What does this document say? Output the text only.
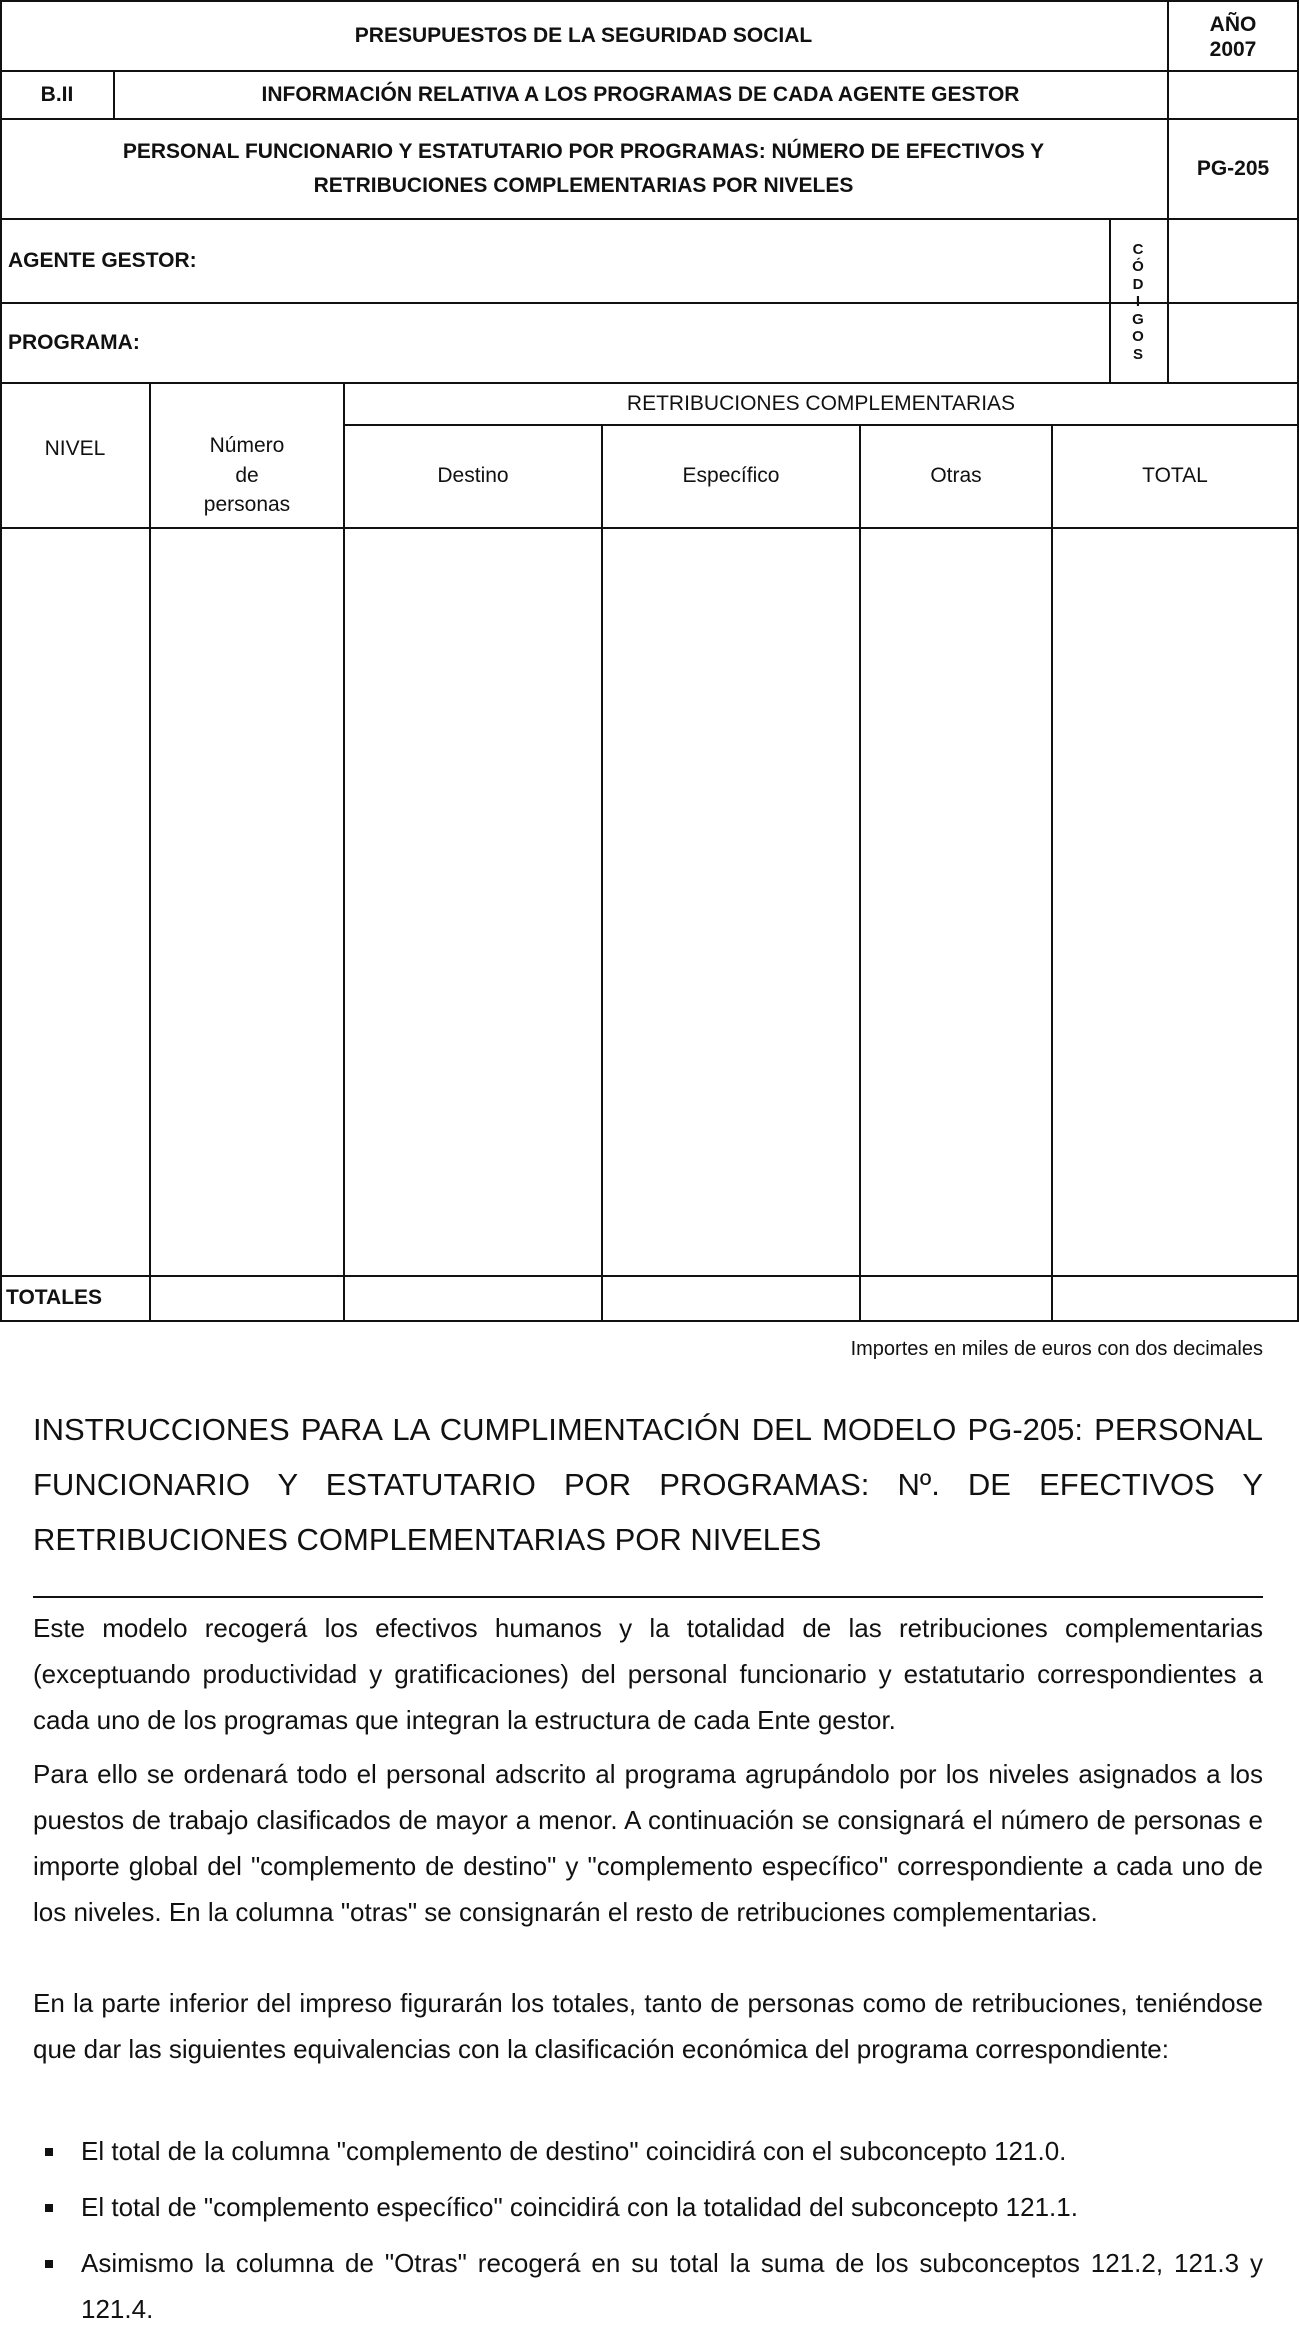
PRESUPUESTOS DE LA SEGURIDAD SOCIAL	AÑO
2007
B.II	INFORMACIÓN RELATIVA A LOS PROGRAMAS DE CADA AGENTE GESTOR
PERSONAL FUNCIONARIO Y ESTATUTARIO POR PROGRAMAS: NÚMERO DE EFECTIVOS Y
RETRIBUCIONES COMPLEMENTARIAS POR NIVELES
PG-205
AGENTE GESTOR:
PROGRAMA:
C
Ó
D
I
G
O
S
RETRIBUCIONES COMPLEMENTARIAS
NIVEL	Número
de
personas
Destino	Específico	Otras	TOTAL
TOTALES
Importes en miles de euros con dos decimales
INSTRUCCIONES PARA LA CUMPLIMENTACIÓN DEL MODELO PG-205: PERSONAL FUNCIONARIO Y ESTATUTARIO POR PROGRAMAS: Nº. DE EFECTIVOS Y RETRIBUCIONES COMPLEMENTARIAS POR NIVELES
Este modelo recogerá los efectivos humanos y la totalidad de las retribuciones complementarias (exceptuando productividad y gratificaciones) del personal funcionario y estatutario correspondientes a cada uno de los programas que integran la estructura de cada Ente gestor.
Para ello se ordenará todo el personal adscrito al programa agrupándolo por los niveles asignados a los puestos de trabajo clasificados de mayor a menor. A continuación se consignará el número de personas e importe global del "complemento de destino" y "complemento específico" correspondiente a cada uno de los niveles. En la columna "otras" se consignarán el resto de retribuciones complementarias.
En la parte inferior del impreso figurarán los totales, tanto de personas como de retribuciones, teniéndose que dar las siguientes equivalencias con la clasificación económica del programa correspondiente:
El total de la columna "complemento de destino" coincidirá con el subconcepto 121.0.
El total de "complemento específico" coincidirá con la totalidad del subconcepto 121.1.
Asimismo la columna de "Otras" recogerá en su total la suma de los subconceptos 121.2, 121.3 y 121.4.
